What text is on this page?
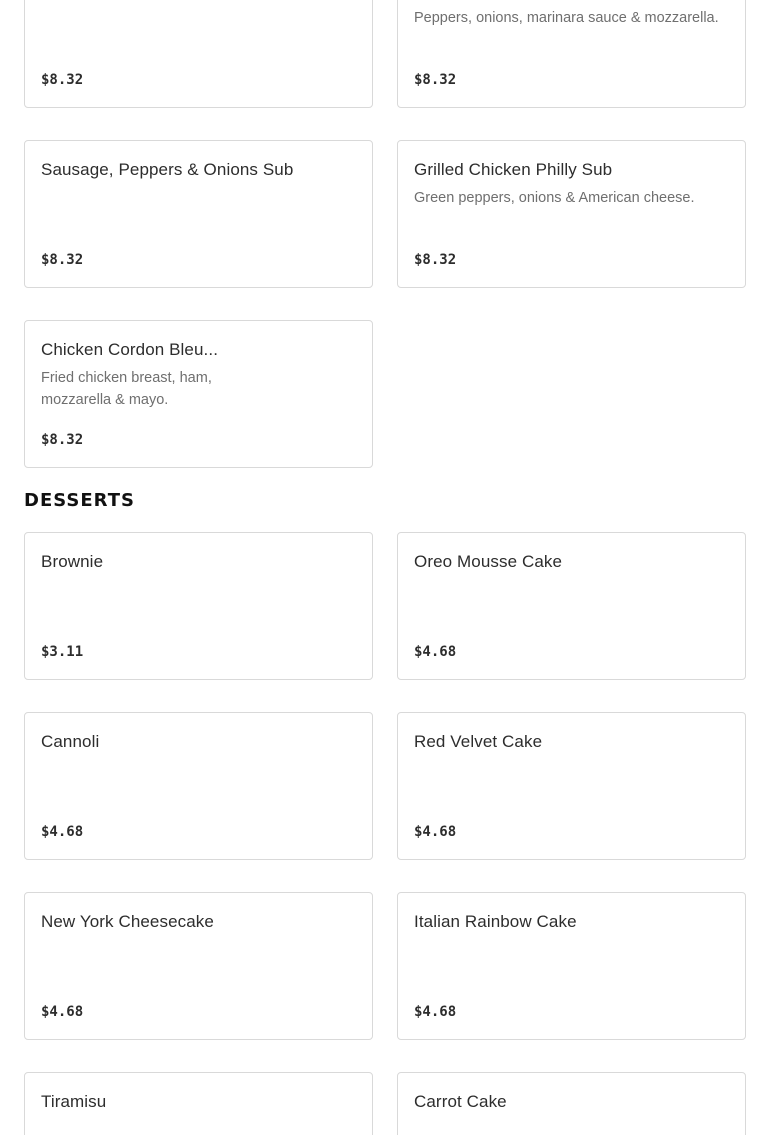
$8.32
Peppers, onions, marinara sauce & mozzarella.
$8.32
Sausage, Peppers & Onions Sub
$8.32
Grilled Chicken Philly Sub
Green peppers, onions & American cheese.
$8.32
Chicken Cordon Bleu...
Fried chicken breast, ham, mozzarella & mayo.
$8.32
DESSERTS
Brownie
$3.11
Oreo Mousse Cake
$4.68
Cannoli
$4.68
Red Velvet Cake
$4.68
New York Cheesecake
$4.68
Italian Rainbow Cake
$4.68
Tiramisu	Carrot Cake
